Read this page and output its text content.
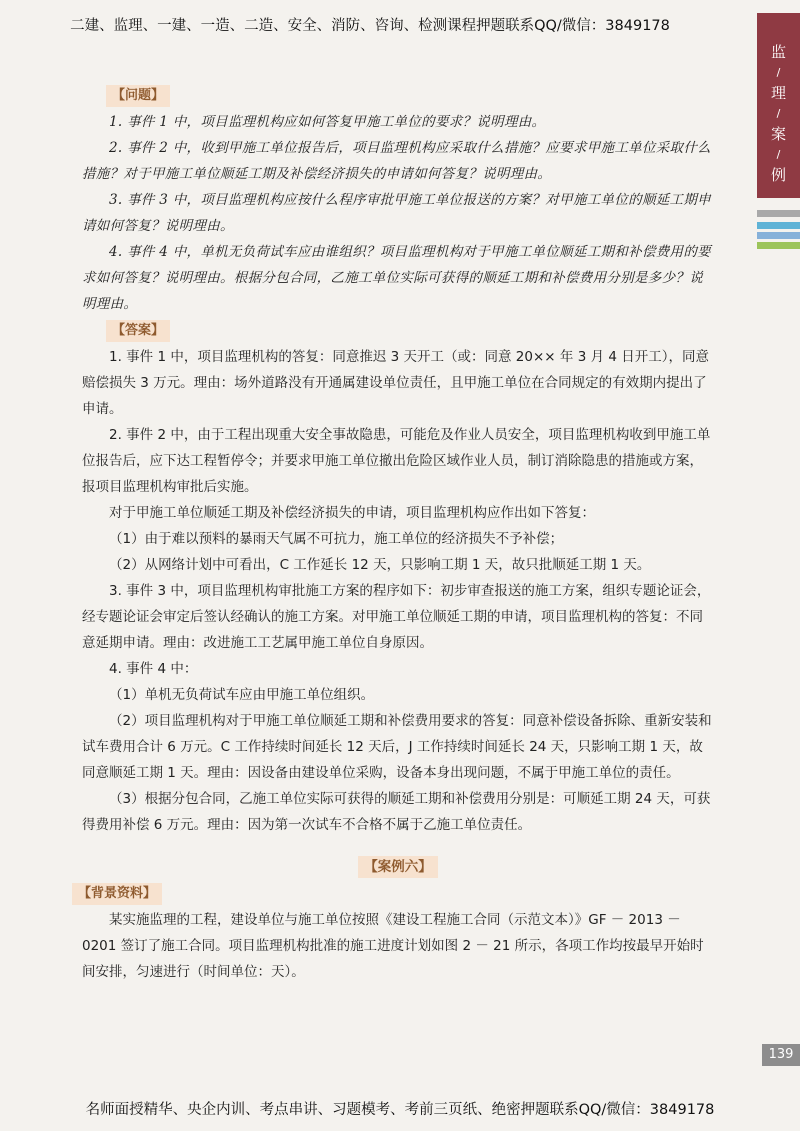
二建、监理、一建、一造、二造、安全、消防、咨询、检测课程押题联系QQ/微信：3849178
监
/
理
/
案
/
例
【问题】

1. 事件 1 中，项目监理机构应如何答复甲施工单位的要求？说明理由。

2. 事件 2 中，收到甲施工单位报告后，项目监理机构应采取什么措施？应要求甲施工单位采取什么措施？对于甲施工单位顺延工期及补偿经济损失的申请如何答复？说明理由。

3. 事件 3 中，项目监理机构应按什么程序审批甲施工单位报送的方案？对甲施工单位的顺延工期申请如何答复？说明理由。

4. 事件 4 中，单机无负荷试车应由谁组织？项目监理机构对于甲施工单位顺延工期和补偿费用的要求如何答复？说明理由。根据分包合同，乙施工单位实际可获得的顺延工期和补偿费用分别是多少？说明理由。

【答案】

1. 事件 1 中，项目监理机构的答复：同意推迟 3 天开工（或：同意 20×× 年 3 月 4 日开工），同意赔偿损失 3 万元。理由：场外道路没有开通属建设单位责任，且甲施工单位在合同规定的有效期内提出了申请。

2. 事件 2 中，由于工程出现重大安全事故隐患，可能危及作业人员安全，项目监理机构收到甲施工单位报告后，应下达工程暂停令；并要求甲施工单位撤出危险区域作业人员，制订消除隐患的措施或方案，报项目监理机构审批后实施。

对于甲施工单位顺延工期及补偿经济损失的申请，项目监理机构应作出如下答复：

（1）由于难以预料的暴雨天气属不可抗力，施工单位的经济损失不予补偿；

（2）从网络计划中可看出，C 工作延长 12 天，只影响工期 1 天，故只批顺延工期 1 天。

3. 事件 3 中，项目监理机构审批施工方案的程序如下：初步审查报送的施工方案，组织专题论证会，经专题论证会审定后签认经确认的施工方案。对甲施工单位顺延工期的申请，项目监理机构的答复：不同意延期申请。理由：改进施工工艺属甲施工单位自身原因。

4. 事件 4 中：

（1）单机无负荷试车应由甲施工单位组织。

（2）项目监理机构对于甲施工单位顺延工期和补偿费用要求的答复：同意补偿设备拆除、重新安装和试车费用合计 6 万元。C 工作持续时间延长 12 天后，J 工作持续时间延长 24 天，只影响工期 1 天，故同意顺延工期 1 天。理由：因设备由建设单位采购，设备本身出现问题，不属于甲施工单位的责任。

（3）根据分包合同，乙施工单位实际可获得的顺延工期和补偿费用分别是：可顺延工期 24 天，可获得费用补偿 6 万元。理由：因为第一次试车不合格不属于乙施工单位责任。

【案例六】
【背景资料】

某实施监理的工程，建设单位与施工单位按照《建设工程施工合同（示范文本）》GF － 2013 － 0201 签订了施工合同。项目监理机构批准的施工进度计划如图 2 － 21 所示，各项工作均按最早开始时间安排，匀速进行（时间单位：天）。

139
名师面授精华、央企内训、考点串讲、习题模考、考前三页纸、绝密押题联系QQ/微信：3849178
